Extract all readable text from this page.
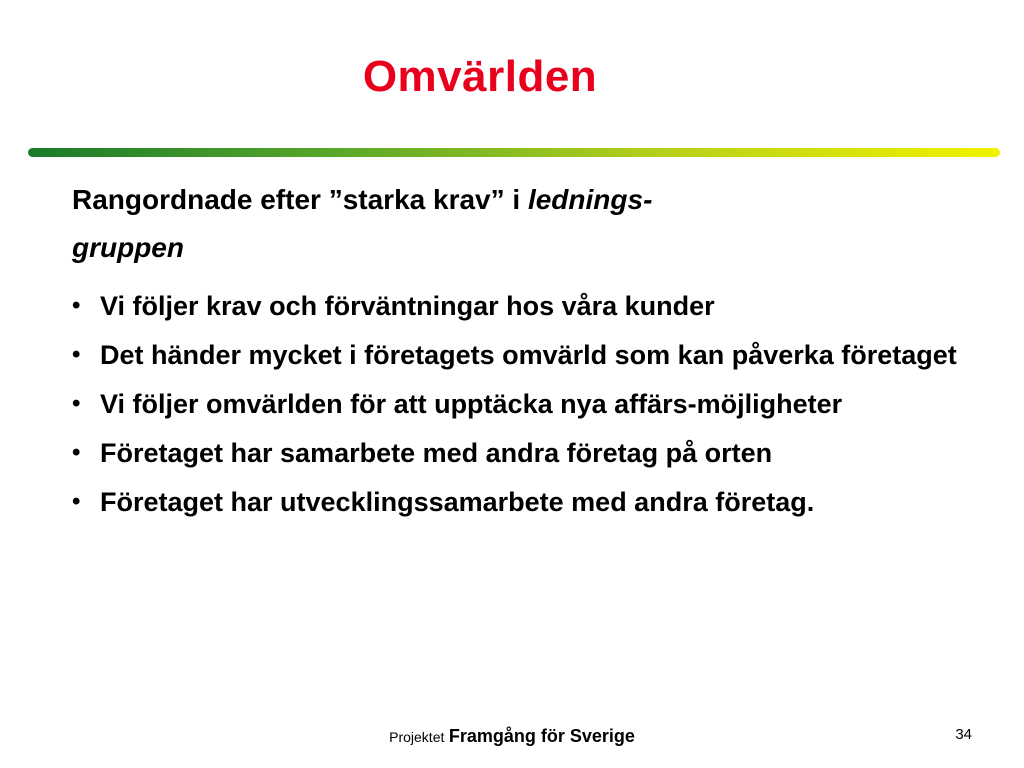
Omvärlden
Rangordnade efter ”starka krav” i lednings-
gruppen
• Vi följer krav och förväntningar hos våra kunder
• Det händer mycket i företagets omvärld som kan påverka företaget
• Vi följer omvärlden för att upptäcka nya affärs-möjligheter
• Företaget har samarbete med andra företag på orten
• Företaget har utvecklingssamarbete med andra företag.
Projektet Framgång för Sverige	34
